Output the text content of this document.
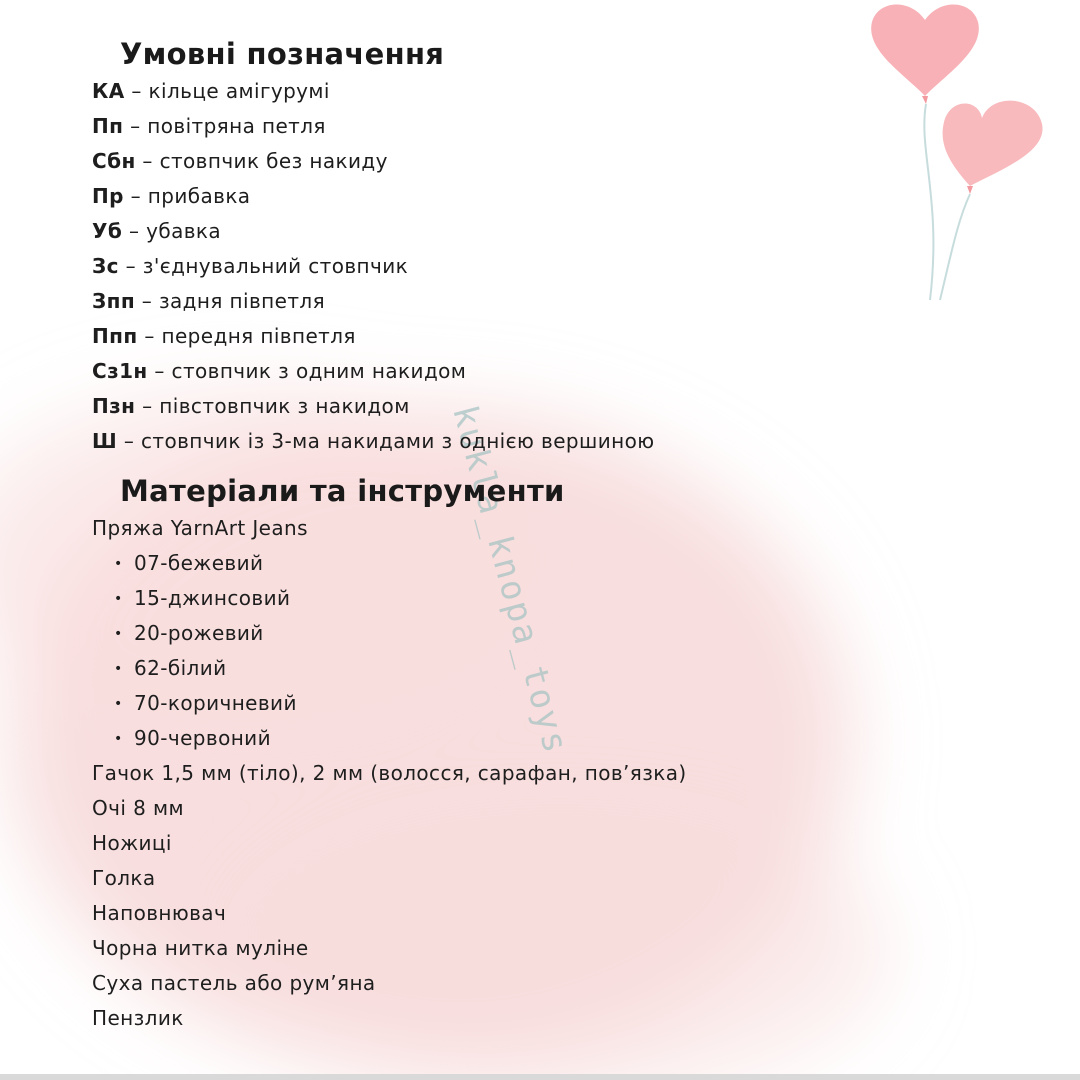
kukla_knopa_toys
Умовні позначення
КА – кільце амігурумі
Пп – повітряна петля
Сбн – стовпчик без накиду
Пр – прибавка
Уб – убавка
Зс – з'єднувальний стовпчик
Зпп – задня півпетля
Ппп – передня півпетля
Сз1н – стовпчик з одним накидом
Пзн – півстовпчик з накидом
Ш – стовпчик із 3-ма накидами з однією вершиною
Матеріали та інструменти
Пряжа YarnArt Jeans
• 07-бежевий
• 15-джинсовий
• 20-рожевий
• 62-білий
• 70-коричневий
• 90-червоний
Гачок 1,5 мм (тіло), 2 мм (волосся, сарафан, пов’язка)
Очі 8 мм
Ножиці
Голка
Наповнювач
Чорна нитка муліне
Суха пастель або рум’яна
Пензлик
